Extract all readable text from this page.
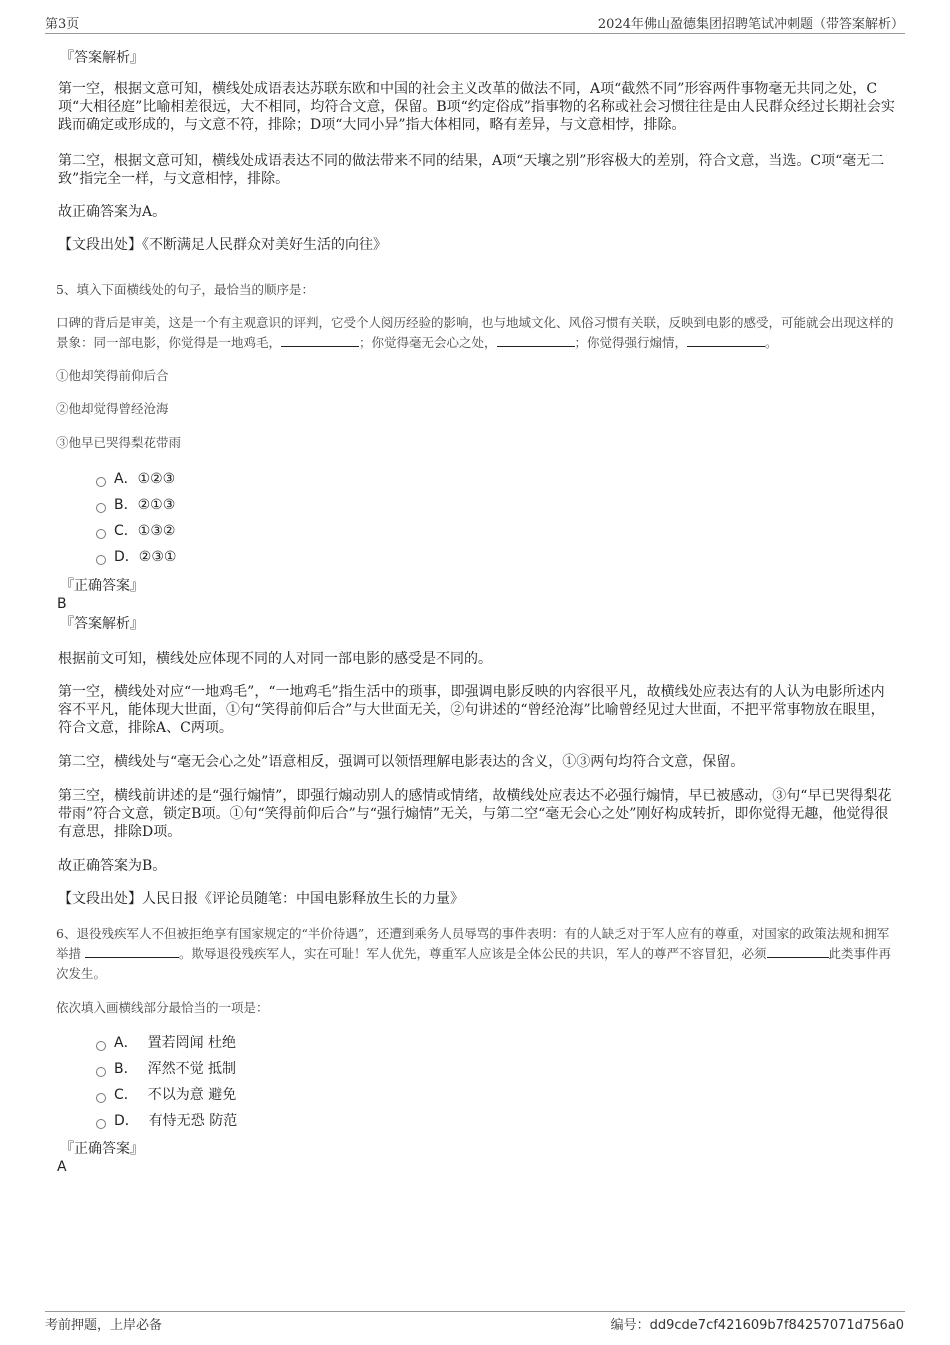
第3页	2024年佛山盈德集团招聘笔试冲刺题（带答案解析）
『答案解析』

第一空，根据文意可知，横线处成语表达苏联东欧和中国的社会主义改革的做法不同，A项“截然不同”形容两件事物毫无共同之处，C项“大相径庭”比喻相差很远，大不相同，均符合文意，保留。B项“约定俗成”指事物的名称或社会习惯往往是由人民群众经过长期社会实践而确定或形成的，与文意不符，排除；D项“大同小异”指大体相同，略有差异，与文意相悖，排除。

第二空，根据文意可知，横线处成语表达不同的做法带来不同的结果，A项“天壤之别”形容极大的差别，符合文意，当选。C项“毫无二致”指完全一样，与文意相悖，排除。

故正确答案为A。

【文段出处】《不断满足人民群众对美好生活的向往》

5、填入下面横线处的句子，最恰当的顺序是：

口碑的背后是审美，这是一个有主观意识的评判，它受个人阅历经验的影响，也与地域文化、风俗习惯有关联，反映到电影的感受，可能就会出现这样的景象：同一部电影，你觉得是一地鸡毛，	；你觉得毫无会心之处，	；你觉得强行煽情，	。

①他却笑得前仰后合

②他却觉得曾经沧海

③他早已哭得梨花带雨

A．①②③
B．②①③
C．①③②
D．②③①
『正确答案』
B
『答案解析』

根据前文可知，横线处应体现不同的人对同一部电影的感受是不同的。

第一空，横线处对应“一地鸡毛”，“一地鸡毛”指生活中的琐事，即强调电影反映的内容很平凡，故横线处应表达有的人认为电影所述内容不平凡，能体现大世面，①句“笑得前仰后合”与大世面无关，②句讲述的“曾经沧海”比喻曾经见过大世面，不把平常事物放在眼里，符合文意，排除A、C两项。

第二空，横线处与“毫无会心之处”语意相反，强调可以领悟理解电影表达的含义，①③两句均符合文意，保留。

第三空，横线前讲述的是“强行煽情”，即强行煽动别人的感情或情绪，故横线处应表达不必强行煽情，早已被感动，③句“早已哭得梨花带雨”符合文意，锁定B项。①句“笑得前仰后合”与“强行煽情”无关，与第二空“毫无会心之处”刚好构成转折，即你觉得无趣，他觉得很有意思，排除D项。

故正确答案为B。

【文段出处】人民日报《评论员随笔：中国电影释放生长的力量》

6、退役残疾军人不但被拒绝享有国家规定的“半价待遇”，还遭到乘务人员辱骂的事件表明：有的人缺乏对于军人应有的尊重，对国家的政策法规和拥军举措	。欺辱退役残疾军人，实在可耻！军人优先，尊重军人应该是全体公民的共识，军人的尊严不容冒犯，必须	此类事件再次发生。

依次填入画横线部分最恰当的一项是：

A． 置若罔闻 杜绝
B． 浑然不觉 抵制
C． 不以为意 避免
D． 有恃无恐 防范
『正确答案』
A
考前押题，上岸必备	编号：dd9cde7cf421609b7f84257071d756a0
